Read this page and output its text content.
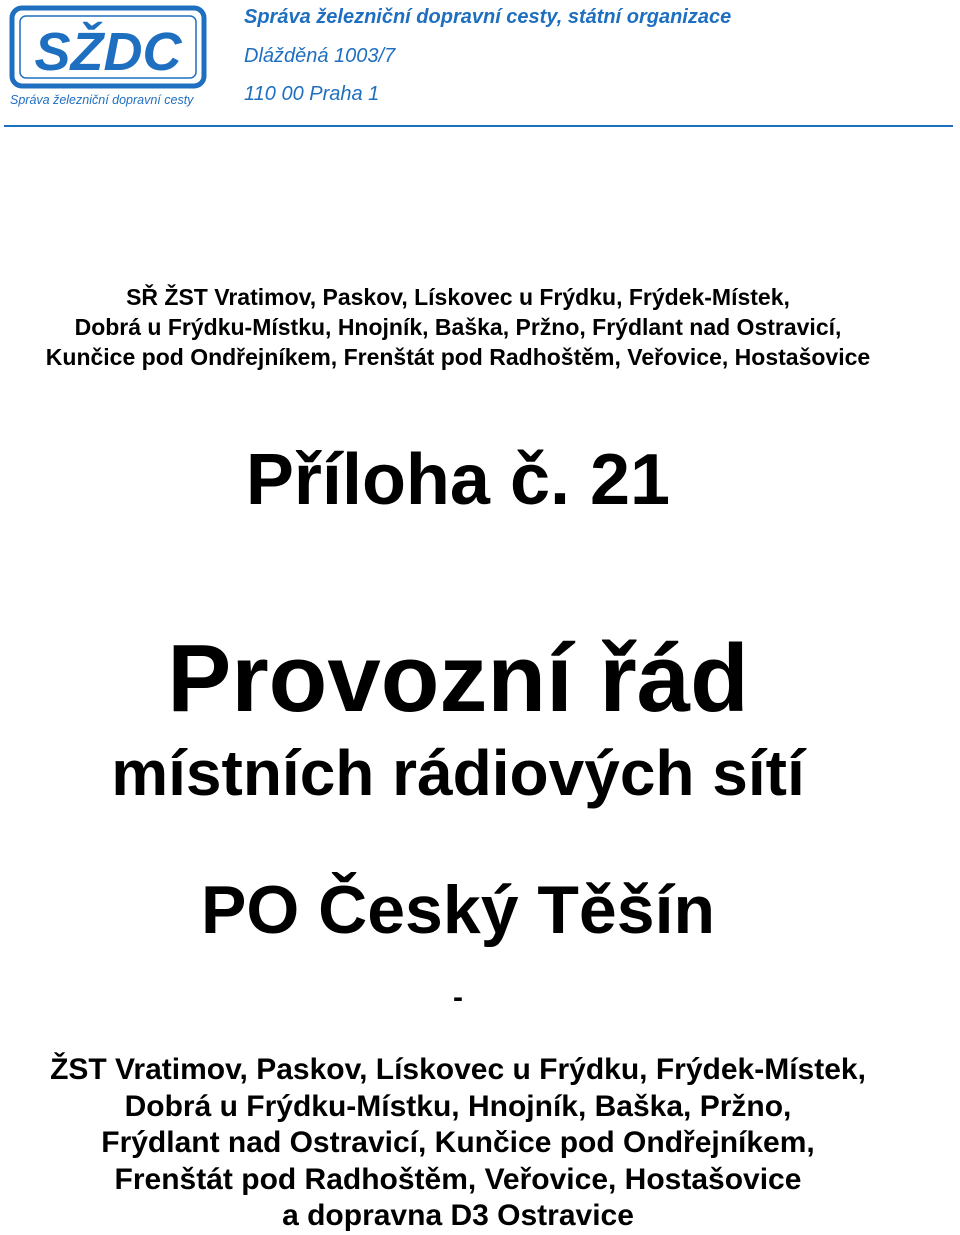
SŽDC
Správa železniční dopravní cesty

Správa železniční dopravní cesty, státní organizace

Dlážděná 1003/7

110 00 Praha 1

SŘ ŽST Vratimov, Paskov, Lískovec u Frýdku, Frýdek-Místek,
Dobrá u Frýdku-Místku, Hnojník, Baška, Pržno, Frýdlant nad Ostravicí,
Kunčice pod Ondřejníkem, Frenštát pod Radhoštěm, Veřovice, Hostašovice
Příloha č. 21
Provozní řád
místních rádiových sítí
PO Český Těšín
-
ŽST Vratimov, Paskov, Lískovec u Frýdku, Frýdek-Místek,
Dobrá u Frýdku-Místku, Hnojník, Baška, Pržno,
Frýdlant nad Ostravicí, Kunčice pod Ondřejníkem,
Frenštát pod Radhoštěm, Veřovice, Hostašovice
a dopravna D3 Ostravice
